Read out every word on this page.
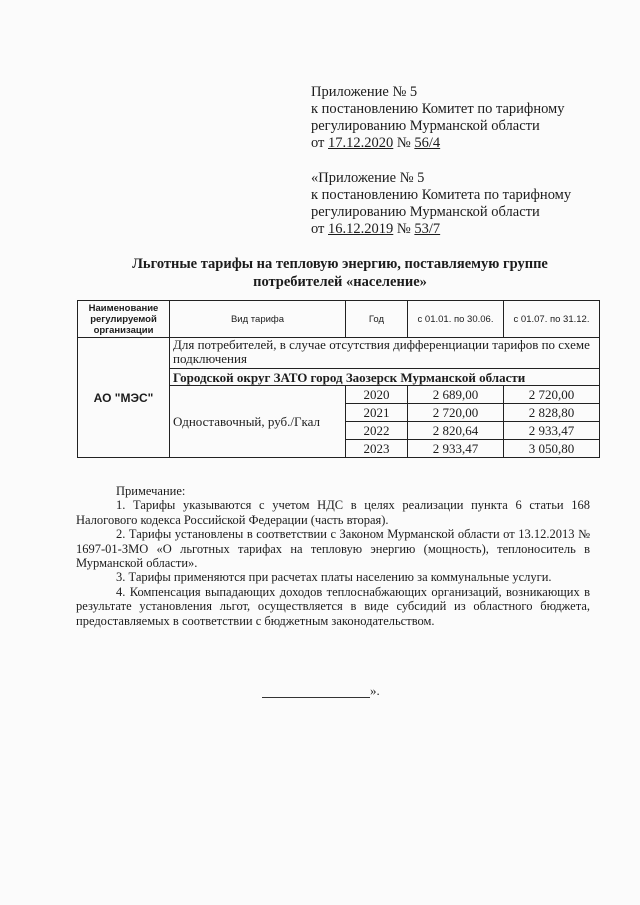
Приложение № 5
к постановлению Комитет по тарифному
регулированию Мурманской области
от 17.12.2020 № 56/4
«Приложение № 5
к постановлению Комитета по тарифному
регулированию Мурманской области
от 16.12.2019 № 53/7
Льготные тарифы на тепловую энергию, поставляемую группе
потребителей «население»
Наименование регулируемой организации	Вид тарифа	Год	с 01.01. по 30.06.	с 01.07. по 31.12.
АО "МЭС"	Для потребителей, в случае отсутствия дифференциации тарифов по схеме подключения			
	Городской округ ЗАТО город Заозерск Мурманской области			
	Одноставочный, руб./Гкал	2020	2 689,00	2 720,00
		2021	2 720,00	2 828,80
		2022	2 820,64	2 933,47
		2023	2 933,47	3 050,80
Примечание:
1. Тарифы указываются с учетом НДС в целях реализации пункта 6 статьи 168 Налогового кодекса Российской Федерации (часть вторая).
2. Тарифы установлены в соответствии с Законом Мурманской области от 13.12.2013 № 1697-01-ЗМО «О льготных тарифах на тепловую энергию (мощность), теплоноситель в Мурманской области».
3. Тарифы применяются при расчетах платы населению за коммунальные услуги.
4. Компенсация выпадающих доходов теплоснабжающих организаций, возникающих в результате установления льгот, осуществляется в виде субсидий из областного бюджета, предоставляемых в соответствии с бюджетным законодательством.
».
